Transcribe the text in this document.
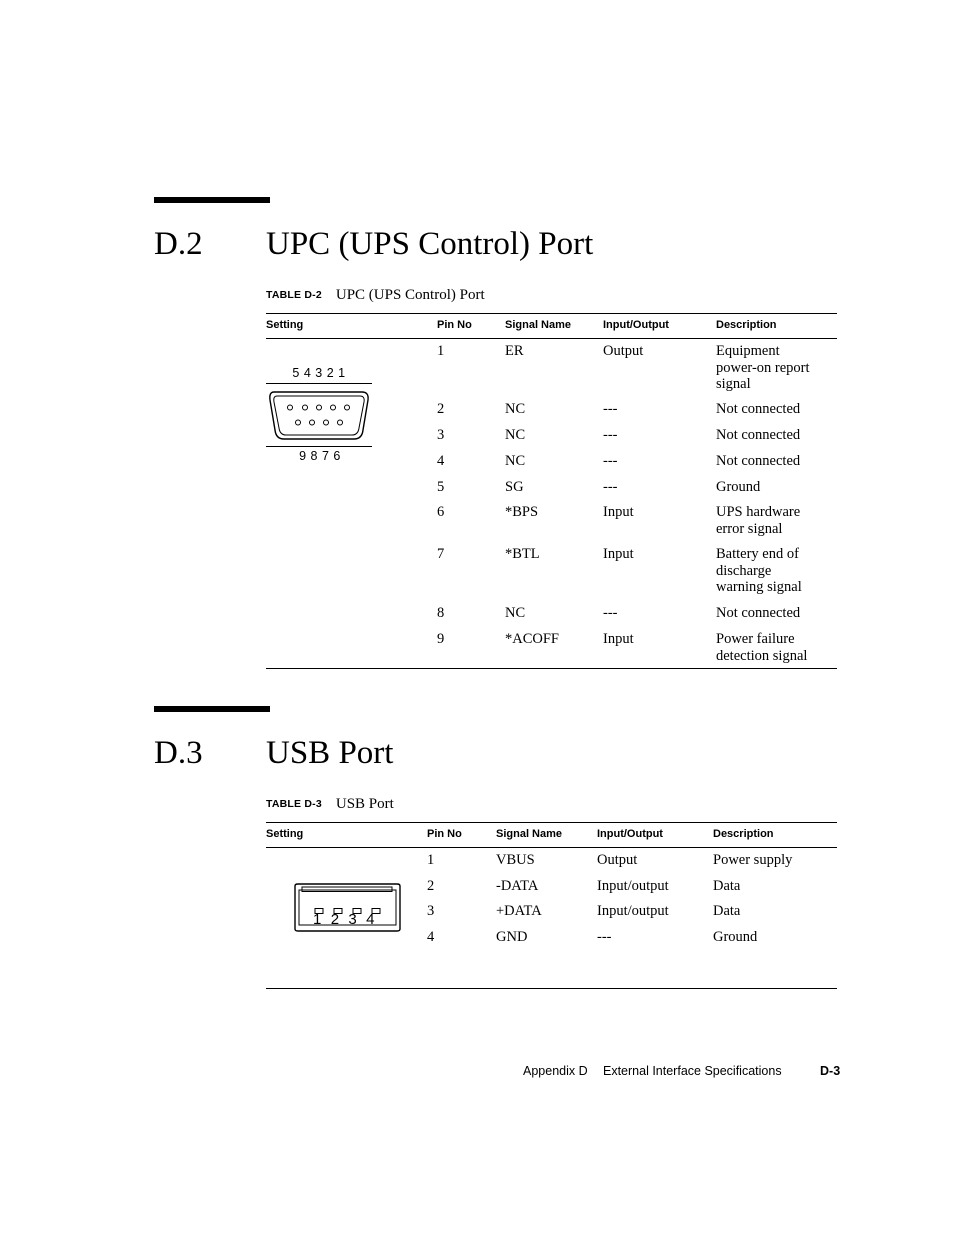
D.2 UPC (UPS Control) Port
TABLE D-2 UPC (UPS Control) Port
Setting	Pin No	Signal Name	Input/Output	Description
1	ER	Output	Equipment
power-on report
signal
2	NC	---	Not connected
3	NC	---	Not connected
4	NC	---	Not connected
5	SG	---	Ground
6	*BPS	Input	UPS hardware
error signal
7	*BTL	Input	Battery end of
discharge
warning signal
8	NC	---	Not connected
9	*ACOFF	Input	Power failure
detection signal
5 4 3 2 1
9 8 7 6
D.3 USB Port
TABLE D-3 USB Port
Setting	Pin No	Signal Name	Input/Output	Description
1	VBUS	Output	Power supply
2	-DATA	Input/output	Data
3	+DATA	Input/output	Data
4	GND	---	Ground
1 2 3 4
Appendix D External Interface Specifications	D-3
